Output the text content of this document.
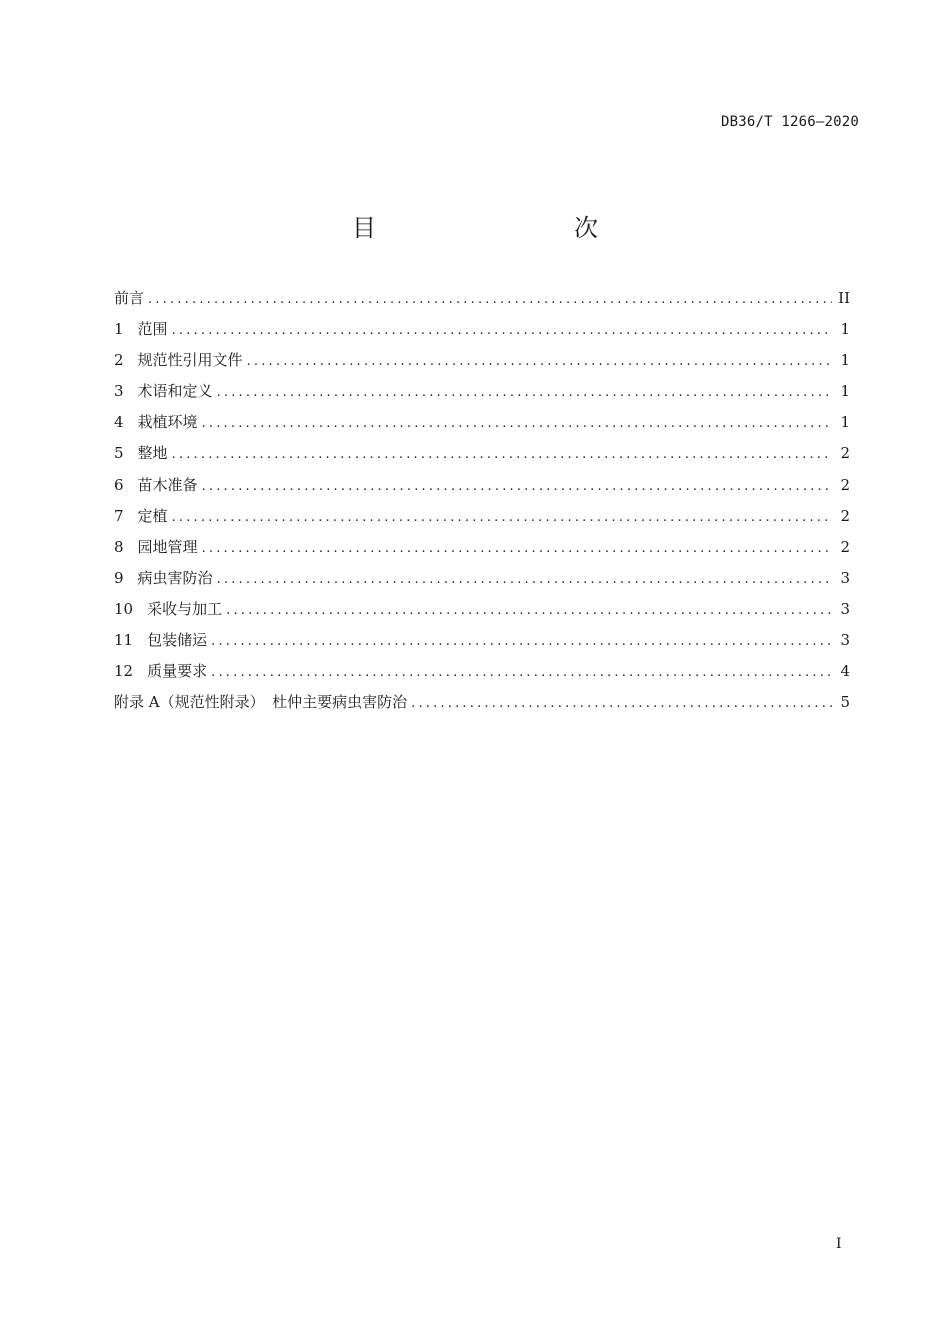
DB36/T 1266—2020
目　　次
前言 .....	II
1 范围 .....	1
2 规范性引用文件 .....	1
3 术语和定义 .....	1
4 栽植环境 .....	1
5 整地 .....	2
6 苗木准备 .....	2
7 定植 .....	2
8 园地管理 .....	2
9 病虫害防治 .....	3
10 采收与加工 .....	3
11 包装储运 .....	3
12 质量要求 .....	4
附录 A（规范性附录）　杜仲主要病虫害防治 .....	5
I
